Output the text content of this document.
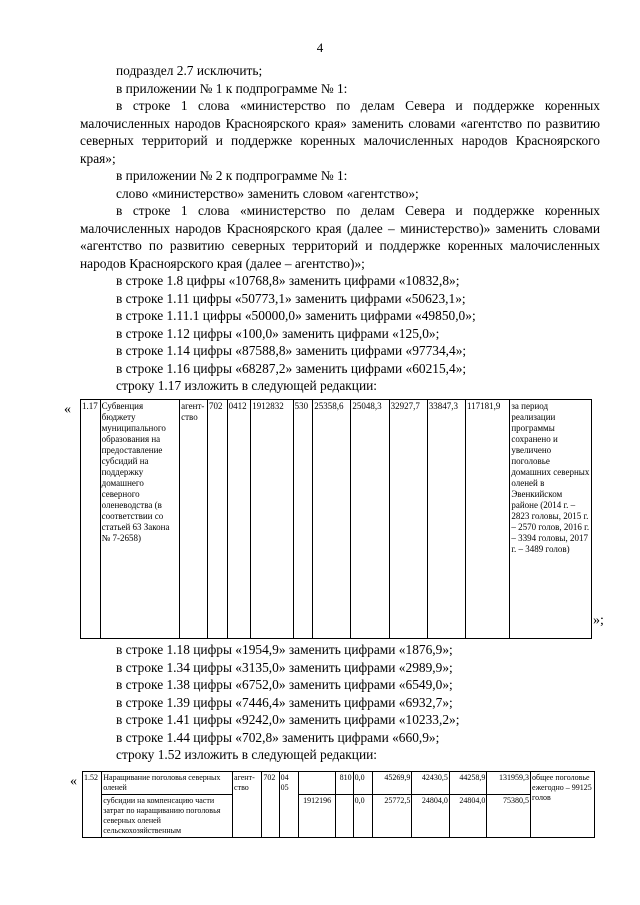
4

подраздел 2.7 исключить;

в приложении № 1 к подпрограмме № 1:

в строке 1 слова «министерство по делам Севера и поддержке коренных малочисленных народов Красноярского края» заменить словами «агентство по развитию северных территорий и поддержке коренных малочисленных народов Красноярского края»;

в приложении № 2 к подпрограмме № 1:

слово «министерство» заменить словом «агентство»;

в строке 1 слова «министерство по делам Севера и поддержке коренных малочисленных народов Красноярского края (далее – министерство)» заменить словами «агентство по развитию северных территорий и поддержке коренных малочисленных народов Красноярского края (далее – агентство)»;

в строке 1.8 цифры «10768,8» заменить цифрами «10832,8»;

в строке 1.11 цифры «50773,1» заменить цифрами «50623,1»;

в строке 1.11.1 цифры «50000,0» заменить цифрами «49850,0»;

в строке 1.12 цифры «100,0» заменить цифрами «125,0»;

в строке 1.14 цифры «87588,8» заменить цифрами «97734,4»;

в строке 1.16 цифры «68287,2» заменить цифрами «60215,4»;

строку 1.17 изложить в следующей редакции:

« 1.17	Субвенция бюджету муниципального образования на предоставление субсидий на поддержку домашнего северного оленеводства (в соответствии со статьей 63 Закона № 7-2658)	агент-ство	702	0412	1912832	530	25358,6	25048,3	32927,7	33847,3	117181,9	за период реализации программы сохранено и увеличено поголовье домашних северных оленей в Эвенкийском районе (2014 г. – 2823 головы, 2015 г. – 2570 голов, 2016 г. – 3394 головы, 2017 г. – 3489 голов)
»;

в строке 1.18 цифры «1954,9» заменить цифрами «1876,9»;

в строке 1.34 цифры «3135,0» заменить цифрами «2989,9»;

в строке 1.38 цифры «6752,0» заменить цифрами «6549,0»;

в строке 1.39 цифры «7446,4» заменить цифрами «6932,7»;

в строке 1.41 цифры «9242,0» заменить цифрами «10233,2»;

в строке 1.44 цифры «702,8» заменить цифрами «660,9»;

строку 1.52 изложить в следующей редакции:

« 1.52	Наращивание поголовья северных оленей	агент-ство	702	04 05		810	0,0	45269,9	42430,5	44258,9	131959,3	общее поголовье ежегодно – 99125 голов
	субсидии на компенсацию части затрат по наращиванию поголовья северных оленей сельскохозяйственным				1912196		0,0	25772,5	24804,0	24804,0	75380,5	
